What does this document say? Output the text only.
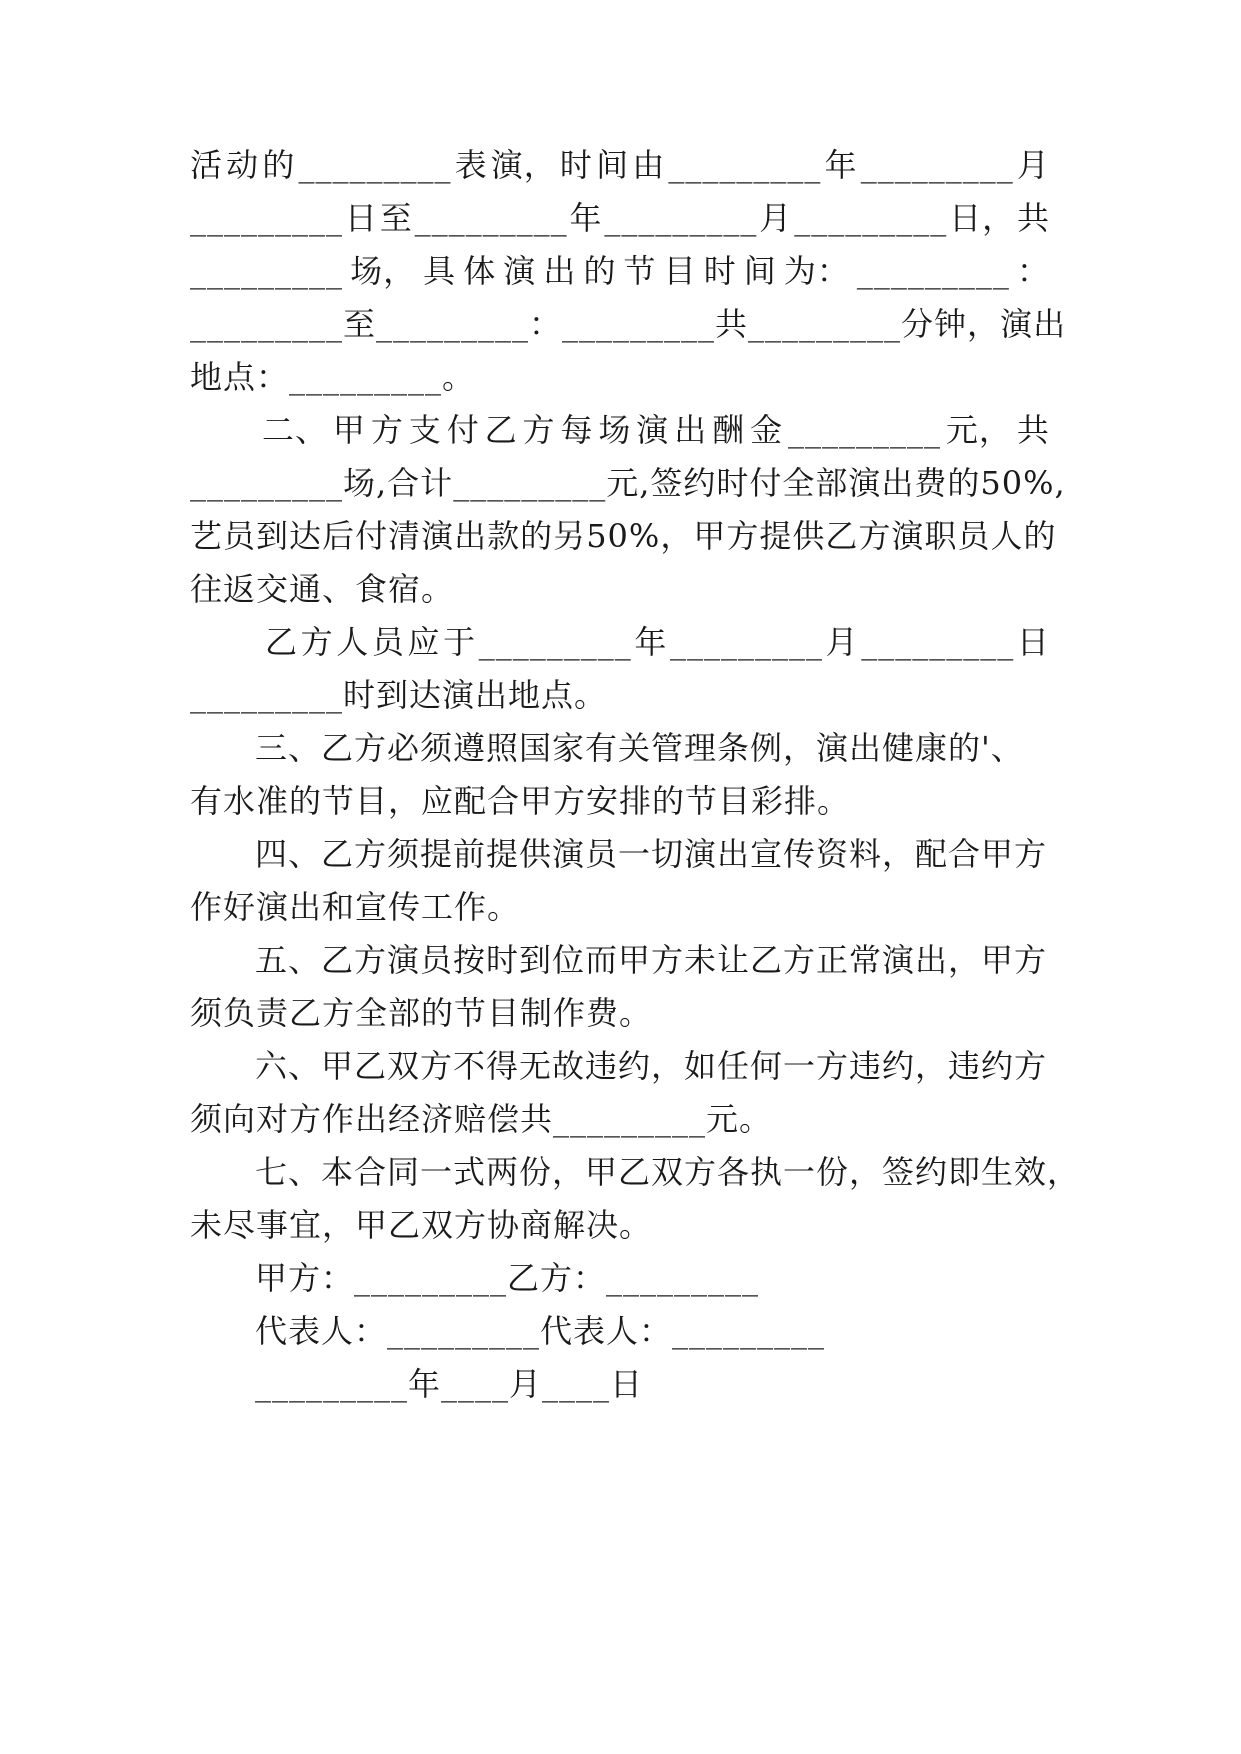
活 动 的 _________ 表 演， 时 间 由 _________ 年 _________ 月
_________ 日 至 _________ 年 _________ 月 _________ 日， 共
_________ 场， 具 体 演 出 的 节 目 时 间 为： _________ ：
_________ 至 _________ ： _________ 共 _________ 分钟， 演 出
地点：_________。
二、 甲 方 支 付 乙 方 每 场 演 出 酬 金 _________ 元， 共
_________ 场,合计 _________ 元,签约时付全部演出费的50%,
艺 员 到 达 后 付 清 演 出 款 的 另 50%， 甲 方 提 供 乙 方 演 职 员 人 的
往返交通、食宿。
乙 方 人 员 应 于 _________ 年 _________ 月 _________ 日
_________时到达演出地点。
三、乙方必须遵照国家有关管理条例，演出健康的'、
有水准的节目，应配合甲方安排的节目彩排。
四、乙方须提前提供演员一切演出宣传资料，配合甲方
作好演出和宣传工作。
五、乙方演员按时到位而甲方未让乙方正常演出，甲方
须负责乙方全部的节目制作费。
六、甲乙双方不得无故违约，如任何一方违约，违约方
须向对方作出经济赔偿共_________元。
七、本合同一式两份，甲乙双方各执一份，签约即生效，
未尽事宜，甲乙双方协商解决。
甲方：_________乙方：_________
代表人：_________代表人：_________
_________年____月____日
